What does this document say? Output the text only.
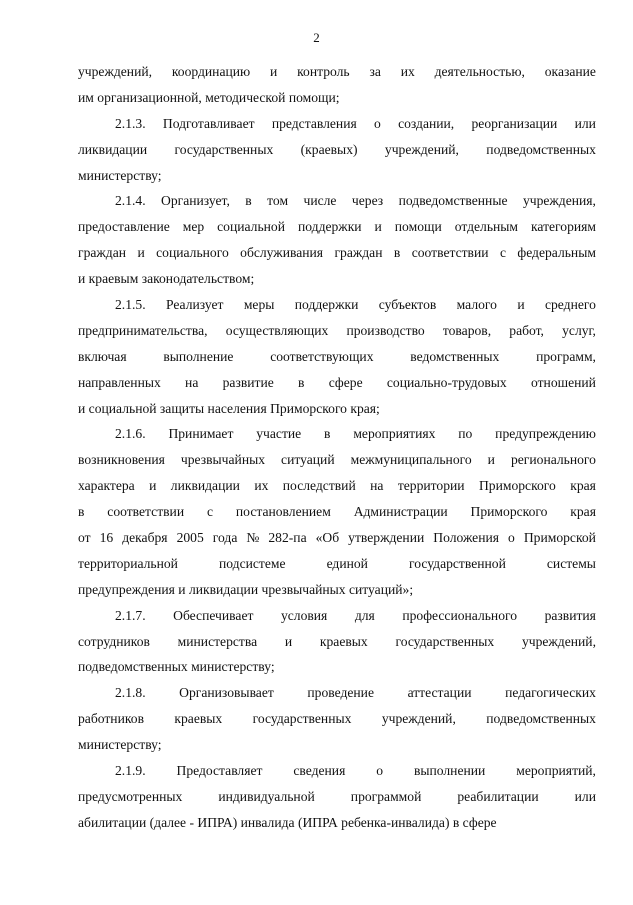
2
учреждений, координацию и контроль за их деятельностью, оказание
им организационной, методической помощи;
2.1.3. Подготавливает представления о создании, реорганизации или
ликвидации государственных (краевых) учреждений, подведомственных
министерству;
2.1.4. Организует, в том числе через подведомственные учреждения,
предоставление мер социальной поддержки и помощи отдельным категориям
граждан и социального обслуживания граждан в соответствии с федеральным
и краевым законодательством;
2.1.5. Реализует меры поддержки субъектов малого и среднего
предпринимательства, осуществляющих производство товаров, работ, услуг,
включая	выполнение	соответствующих	ведомственных	программ,
направленных на развитие в сфере социально-трудовых отношений
и социальной защиты населения Приморского края;
2.1.6. Принимает участие в мероприятиях по предупреждению
возникновения чрезвычайных ситуаций межмуниципального и регионального
характера и ликвидации их последствий на территории Приморского края
в соответствии с постановлением Администрации Приморского края
от 16 декабря 2005 года № 282-па «Об утверждении Положения о Приморской
территориальной	подсистеме	единой	государственной	системы
предупреждения и ликвидации чрезвычайных ситуаций»;
2.1.7. Обеспечивает условия для профессионального развития
сотрудников министерства и краевых государственных учреждений,
подведомственных министерству;
2.1.8. Организовывает проведение аттестации педагогических
работников краевых государственных учреждений, подведомственных
министерству;
2.1.9. Предоставляет сведения о выполнении мероприятий,
предусмотренных	индивидуальной	программой	реабилитации	или
абилитации (далее - ИПРА) инвалида (ИПРА ребенка-инвалида) в сфере
